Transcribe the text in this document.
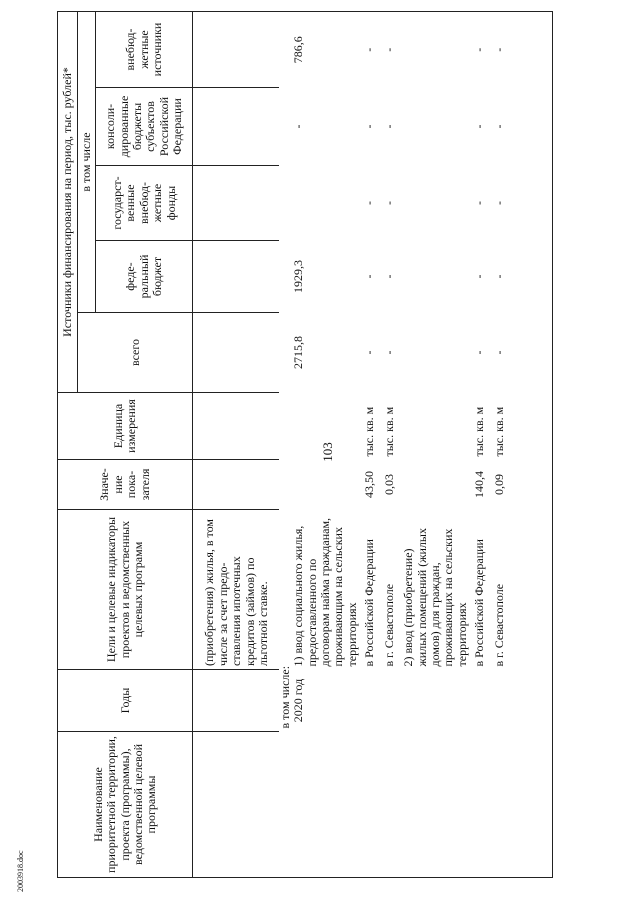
103
2003918.doc
Наименование приоритетной территории, проекта (программы), ведомственной целевой программы	Годы	Цели и целевые индикаторы проектов и ведомственных целевых программ	Значе-ние пока-зателя	Единица измерения	Источники финансирования на период, тыс. рублей*				
					всего	в том числе			
						феде-ральный бюджет	государст-венные внебюд-жетные фонды	консоли-дированные бюджеты субъектов Российской Федерации	внебюд-жетные источники
		(приобретения) жилья, в том числе за счет предо-ставления ипотечных кредитов (займов) по льготной ставке.							
	в том числе:								
	2020 год	1) ввод социального жилья, предоставленного по договорам найма гражданам, проживающим на сельских территориях			2715,8	1929,3		-	786,6
		в Российской Федерации	43,50	тыс. кв. м	-	-	-	-	-
		в г. Севастополе	0,03	тыс. кв. м	-	-	-	-	-
		2) ввод (приобретение) жилых помещений (жилых домов) для граждан, проживающих на сельских территориях							
		в Российской Федерации	140,4	тыс. кв. м	-	-	-	-	-
		в г. Севастополе	0,09	тыс. кв. м	-	-	-	-	-
